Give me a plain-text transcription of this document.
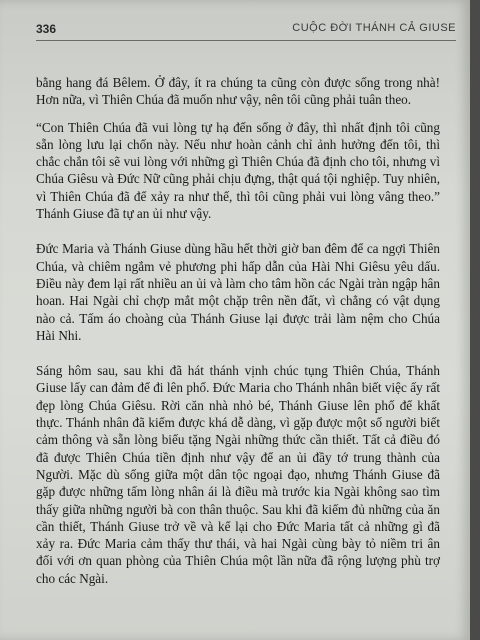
336	CUỘC ĐỜI THÁNH CẢ GIUSE

bằng hang đá Bêlem. Ở đây, ít ra chúng ta cũng còn được sống trong nhà! Hơn nữa, vì Thiên Chúa đã muốn như vậy, nên tôi cũng phải tuân theo.

“Con Thiên Chúa đã vui lòng tự hạ đến sống ở đây, thì nhất định tôi cũng sẵn lòng lưu lại chốn này. Nếu như hoàn cảnh chỉ ảnh hưởng đến tôi, thì chắc chắn tôi sẽ vui lòng với những gì Thiên Chúa đã định cho tôi, nhưng vì Chúa Giêsu và Đức Nữ cũng phải chịu đựng, thật quá tội nghiệp. Tuy nhiên, vì Thiên Chúa đã để xảy ra như thế, thì tôi cũng phải vui lòng vâng theo.” Thánh Giuse đã tự an ủi như vậy.

Đức Maria và Thánh Giuse dùng hầu hết thời giờ ban đêm để ca ngợi Thiên Chúa, và chiêm ngắm vẻ phương phi hấp dẫn của Hài Nhi Giêsu yêu dấu. Điều này đem lại rất nhiều an ủi và làm cho tâm hồn các Ngài tràn ngập hân hoan. Hai Ngài chỉ chợp mắt một chặp trên nền đất, vì chẳng có vật dụng nào cả. Tấm áo choàng của Thánh Giuse lại được trải làm nệm cho Chúa Hài Nhi.

Sáng hôm sau, sau khi đã hát thánh vịnh chúc tụng Thiên Chúa, Thánh Giuse lấy can đảm để đi lên phố. Đức Maria cho Thánh nhân biết việc ấy rất đẹp lòng Chúa Giêsu. Rời căn nhà nhỏ bé, Thánh Giuse lên phố để khất thực. Thánh nhân đã kiếm được khá dễ dàng, vì gặp được một số người biết cảm thông và sẵn lòng biếu tặng Ngài những thức cần thiết. Tất cả điều đó đã được Thiên Chúa tiền định như vậy để an ủi đầy tớ trung thành của Người. Mặc dù sống giữa một dân tộc ngoại đạo, nhưng Thánh Giuse đã gặp được những tấm lòng nhân ái là điều mà trước kia Ngài không sao tìm thấy giữa những người bà con thân thuộc. Sau khi đã kiếm đủ những của ăn cần thiết, Thánh Giuse trở về và kể lại cho Đức Maria tất cả những gì đã xảy ra. Đức Maria cảm thấy thư thái, và hai Ngài cùng bày tỏ niềm tri ân đối với ơn quan phòng của Thiên Chúa một lần nữa đã rộng lượng phù trợ cho các Ngài.
